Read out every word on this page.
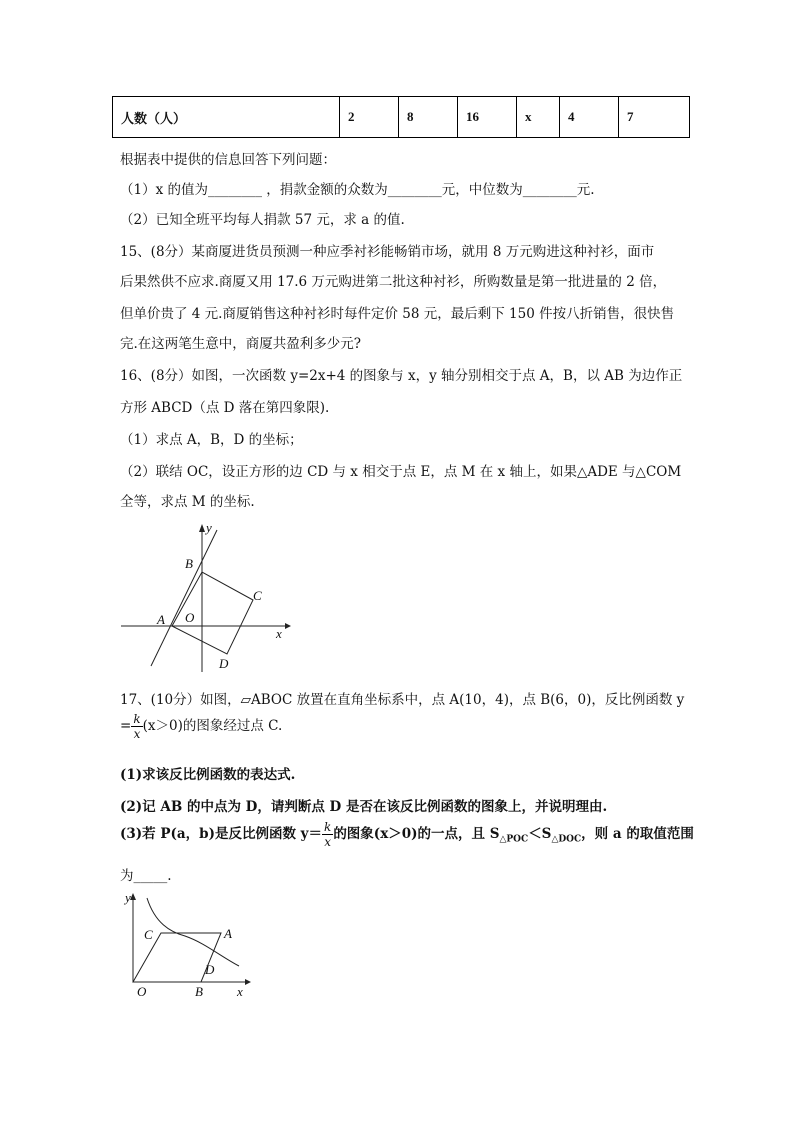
人数（人）	2	8	16	x	4	7
根据表中提供的信息回答下列问题：
（1）x 的值为________ ，捐款金额的众数为________元，中位数为________元.
（2）已知全班平均每人捐款 57 元，求 a 的值.
15、(8分）某商厦进货员预测一种应季衬衫能畅销市场，就用 8 万元购进这种衬衫，面市
后果然供不应求.商厦又用 17.6 万元购进第二批这种衬衫，所购数量是第一批进量的 2 倍，
但单价贵了 4 元.商厦销售这种衬衫时每件定价 58 元，最后剩下 150 件按八折销售，很快售
完.在这两笔生意中，商厦共盈利多少元?
16、(8分）如图，一次函数 y=2x+4 的图象与 x，y 轴分别相交于点 A，B，以 AB 为边作正
方形 ABCD（点 D 落在第四象限).
（1）求点 A，B，D 的坐标；
（2）联结 OC，设正方形的边 CD 与 x 相交于点 E，点 M 在 x 轴上，如果△ADE 与△COM
全等，求点 M 的坐标.
y
x
B
C
A O
D
17、(10分）如图，▱ABOC 放置在直角坐标系中，点 A(10，4)，点 B(6，0)，反比例函数 y
= $\frac{k}{x} (x>0)$的图象经过点 C.
(1)求该反比例函数的表达式.
(2)记 AB 的中点为 D，请判断点 D 是否在该反比例函数的图象上，并说明理由.
(3)若 P(a，b)是反比例函数 $y= \frac{k}{x}$ 的图象(x＞0)的一点，且 $S_{\triangle POC}<S_{\triangle DOC}$，则 a 的取值范围
为_____.
y
x
C	A
D
O	B
